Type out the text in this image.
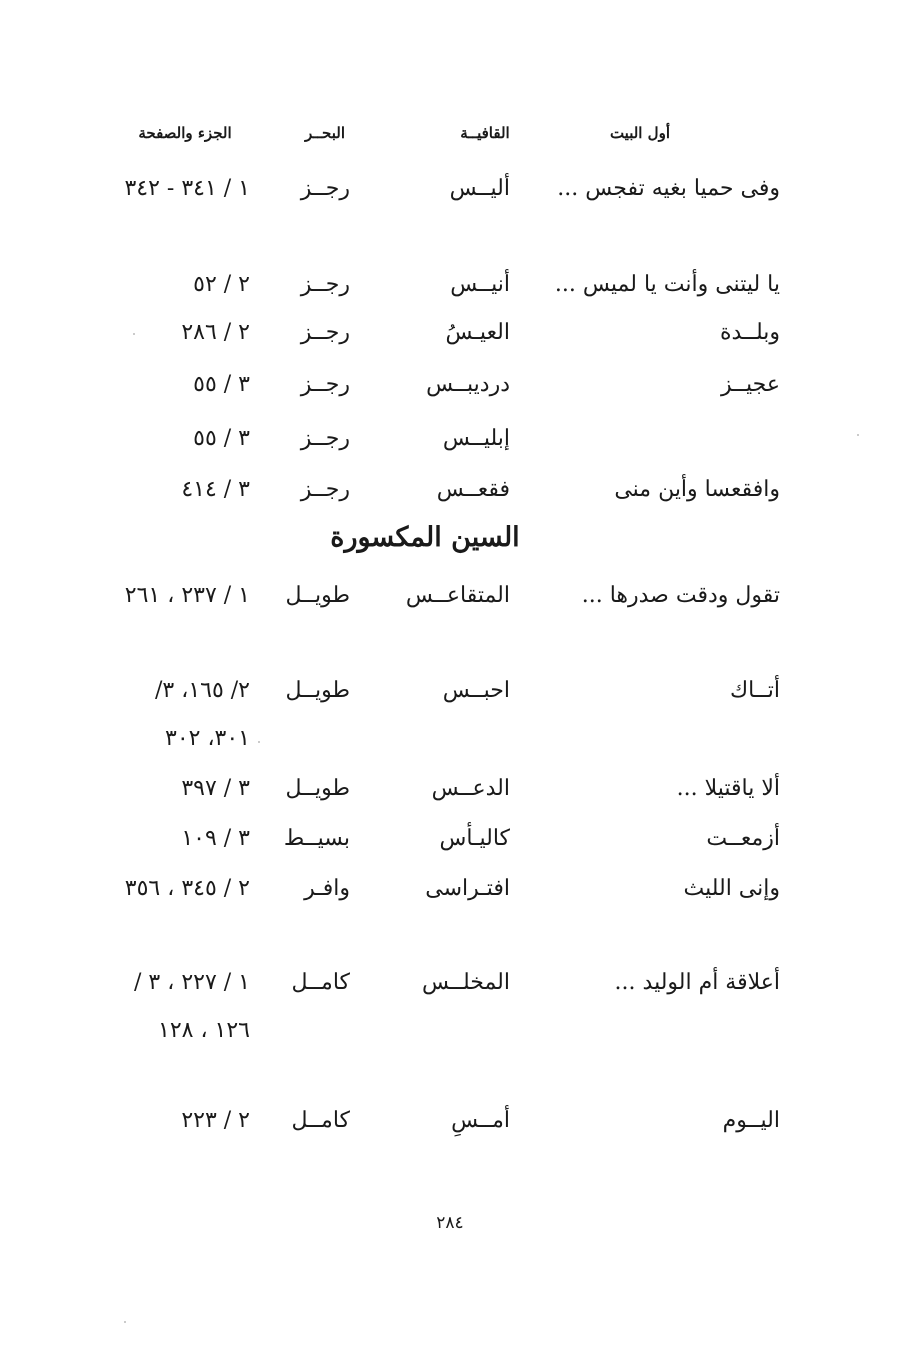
أول البيت
القافيــة
البحــر
الجزء والصفحة
وفى حميا بغيه تفجس ...
أليــس
رجــز
١ / ٣٤١ - ٣٤٢
يا ليتنى وأنت يا لميس ...
أنيــس
رجــز
٢ / ٥٢
وبلــدة
العيـسُ
رجــز
٢ / ٢٨٦
عجيــز
درديبــس
رجــز
٣ / ٥٥
إبليــس
رجــز
٣ / ٥٥
وافقعسا وأين منى
فقعــس
رجــز
٣ / ٤١٤
السين المكسورة
تقول ودقت صدرها ...
المتقاعــس
طويــل
١ / ٢٣٧ ، ٢٦١
أتــاك
احبــس
طويــل
٢/ ١٦٥، ٣/ ٣٠١، ٣٠٢
ألا ياقتيلا ...
الدعــس
طويــل
٣ / ٣٩٧
أزمعــت
كاليـأس
بسيــط
٣ / ١٠٩
وإنى الليث
افتـراسى
وافـر
٢ / ٣٤٥ ، ٣٥٦
أعلاقة أم الوليد ...
المخلــس
كامــل
١ / ٢٢٧ ، ٣ / ١٢٦ ، ١٢٨
اليــوم
أمــسِ
كامــل
٢ / ٢٢٣
٢٨٤
